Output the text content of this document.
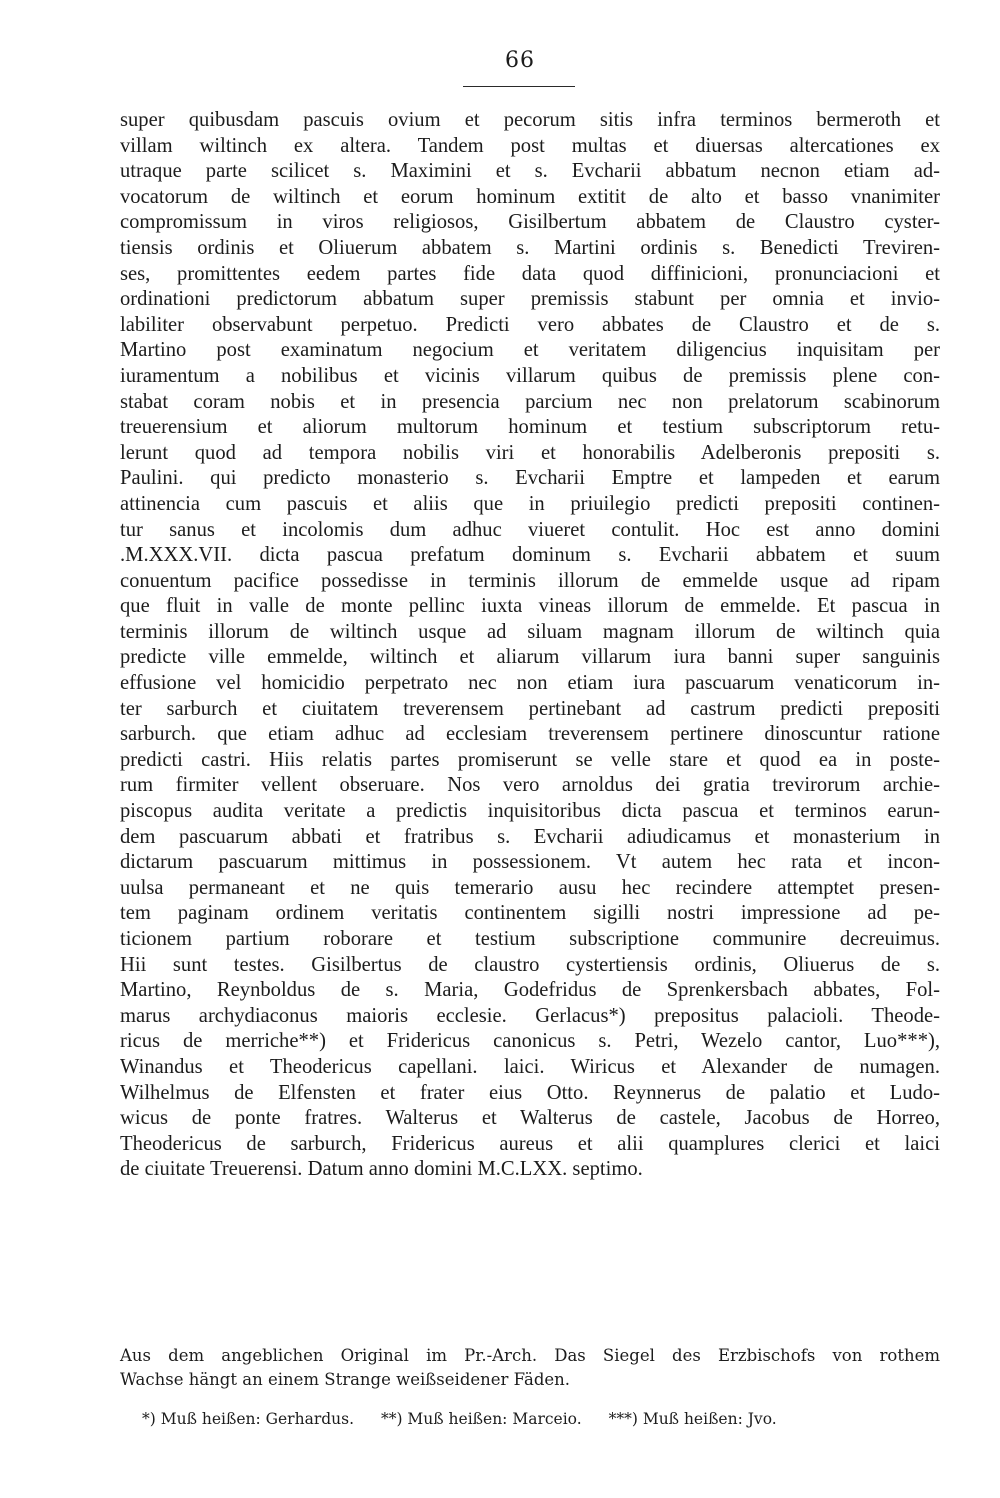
66
super quibusdam pascuis ovium et pecorum sitis infra terminos bermeroth et
villam wiltinch ex altera. Tandem post multas et diuersas altercationes ex
utraque parte scilicet s. Maximini et s. Evcharii abbatum necnon etiam ad-
vocatorum de wiltinch et eorum hominum extitit de alto et basso vnanimiter
compromissum in viros religiosos, Gisilbertum abbatem de Claustro cyster-
tiensis ordinis et Oliuerum abbatem s. Martini ordinis s. Benedicti Treviren-
ses, promittentes eedem partes fide data quod diffinicioni, pronunciacioni et
ordinationi predictorum abbatum super premissis stabunt per omnia et invio-
labiliter observabunt perpetuo. Predicti vero abbates de Claustro et de s.
Martino post examinatum negocium et veritatem diligencius inquisitam per
iuramentum a nobilibus et vicinis villarum quibus de premissis plene con-
stabat coram nobis et in presencia parcium nec non prelatorum scabinorum
treuerensium et aliorum multorum hominum et testium subscriptorum retu-
lerunt quod ad tempora nobilis viri et honorabilis Adelberonis prepositi s.
Paulini. qui predicto monasterio s. Evcharii Emptre et lampeden et earum
attinencia cum pascuis et aliis que in priuilegio predicti prepositi continen-
tur sanus et incolomis dum adhuc viueret contulit. Hoc est anno domini
.M.XXX.VII. dicta pascua prefatum dominum s. Evcharii abbatem et suum
conuentum pacifice possedisse in terminis illorum de emmelde usque ad ripam
que fluit in valle de monte pellinc iuxta vineas illorum de emmelde. Et pascua in
terminis illorum de wiltinch usque ad siluam magnam illorum de wiltinch quia
predicte ville emmelde, wiltinch et aliarum villarum iura banni super sanguinis
effusione vel homicidio perpetrato nec non etiam iura pascuarum venaticorum in-
ter sarburch et ciuitatem treverensem pertinebant ad castrum predicti prepositi
sarburch. que etiam adhuc ad ecclesiam treverensem pertinere dinoscuntur ratione
predicti castri. Hiis relatis partes promiserunt se velle stare et quod ea in poste-
rum firmiter vellent obseruare. Nos vero arnoldus dei gratia trevirorum archie-
piscopus audita veritate a predictis inquisitoribus dicta pascua et terminos earun-
dem pascuarum abbati et fratribus s. Evcharii adiudicamus et monasterium in
dictarum pascuarum mittimus in possessionem. Vt autem hec rata et incon-
uulsa permaneant et ne quis temerario ausu hec recindere attemptet presen-
tem paginam ordinem veritatis continentem sigilli nostri impressione ad pe-
ticionem partium roborare et testium subscriptione communire decreuimus.
Hii sunt testes. Gisilbertus de claustro cystertiensis ordinis, Oliuerus de s.
Martino, Reynboldus de s. Maria, Godefridus de Sprenkersbach abbates, Fol-
marus archydiaconus maioris ecclesie. Gerlacus*) prepositus palacioli. Theode-
ricus de merriche**) et Fridericus canonicus s. Petri, Wezelo cantor, Luo***),
Winandus et Theodericus capellani. laici. Wiricus et Alexander de numagen.
Wilhelmus de Elfensten et frater eius Otto. Reynnerus de palatio et Ludo-
wicus de ponte fratres. Walterus et Walterus de castele, Jacobus de Horreo,
Theodericus de sarburch, Fridericus aureus et alii quamplures clerici et laici
de ciuitate Treuerensi. Datum anno domini M.C.LXX. septimo.
Aus dem angeblichen Original im Pr.-Arch. Das Siegel des Erzbischofs von rothem
Wachse hängt an einem Strange weißseidener Fäden.
*) Muß heißen: Gerhardus. **) Muß heißen: Marceio. ***) Muß heißen: Jvo.
